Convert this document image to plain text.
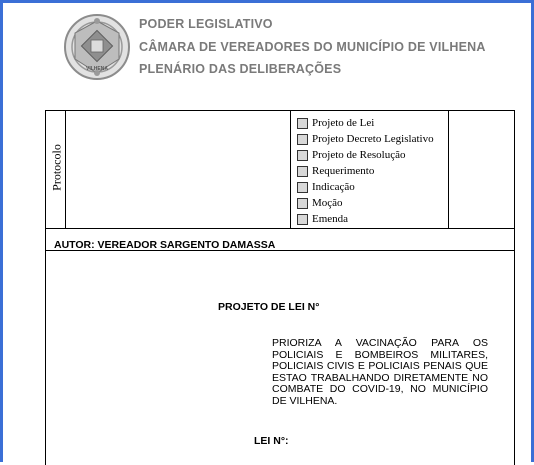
VILHENA
PODER LEGISLATIVO
CÂMARA DE VEREADORES DO MUNICÍPIO DE VILHENA
PLENÁRIO DAS DELIBERAÇÕES
Protocolo
Projeto de Lei
Projeto Decreto Legislativo
Projeto de Resolução
Requerimento
Indicação
Moção
Emenda
AUTOR: VEREADOR SARGENTO DAMASSA
PROJETO DE LEI N°
PRIORIZA A VACINAÇÃO PARA OS POLICIAIS E BOMBEIROS MILITARES, POLICIAIS CIVIS E POLICIAIS PENAIS QUE ESTAO TRABALHANDO DIRETAMENTE NO COMBATE DO COVID-19, NO MUNICÍPIO DE VILHENA.
LEI N°:
